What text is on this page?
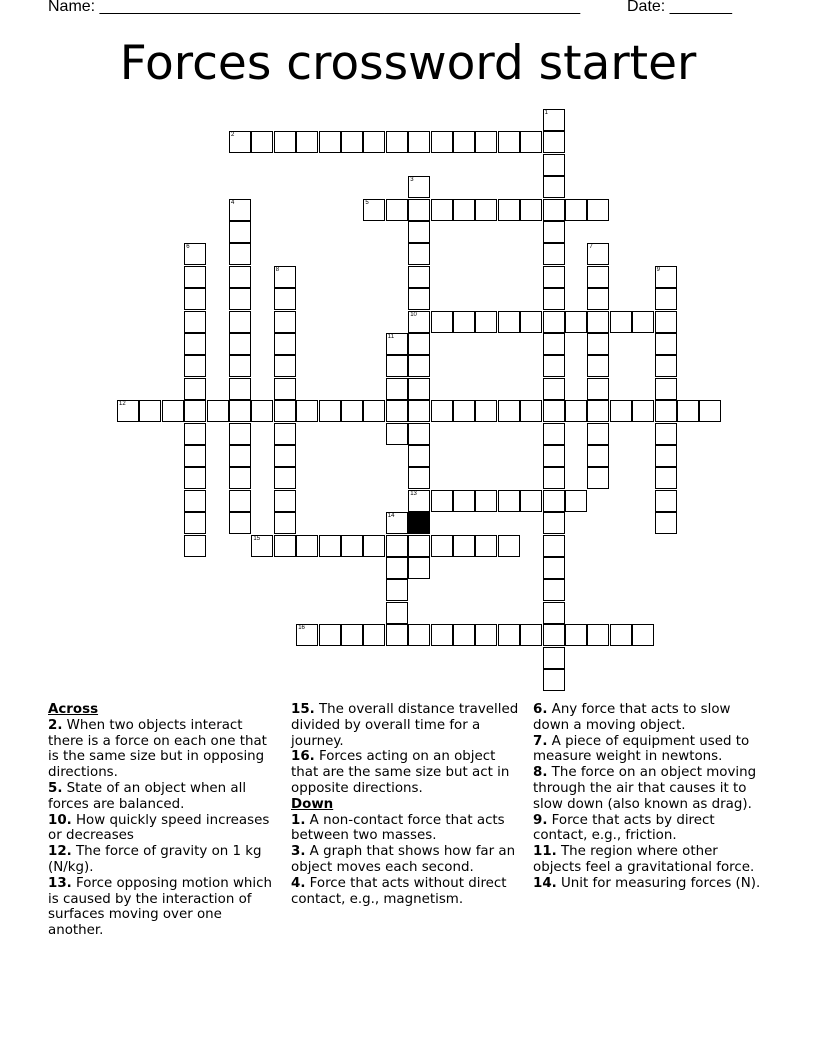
Name: ______________________________________________________	Date: _______
Forces crossword starter
1
2
3
10
13
4	5
6	7
8	9
11
12
14
15
16
Across
2. When two objects interact there is a force on each one that is the same size but in opposing directions.
5. State of an object when all forces are balanced.
10. How quickly speed increases or decreases
12. The force of gravity on 1 kg (N/kg).
13. Force opposing motion which is caused by the interaction of surfaces moving over one another.
15. The overall distance travelled divided by overall time for a journey.
16. Forces acting on an object that are the same size but act in opposite directions.
Down
1. A non-contact force that acts between two masses.
3. A graph that shows how far an object moves each second.
4. Force that acts without direct contact, e.g., magnetism.
6. Any force that acts to slow down a moving object.
7. A piece of equipment used to measure weight in newtons.
8. The force on an object moving through the air that causes it to slow down (also known as drag).
9. Force that acts by direct contact, e.g., friction.
11. The region where other objects feel a gravitational force.
14. Unit for measuring forces (N).
